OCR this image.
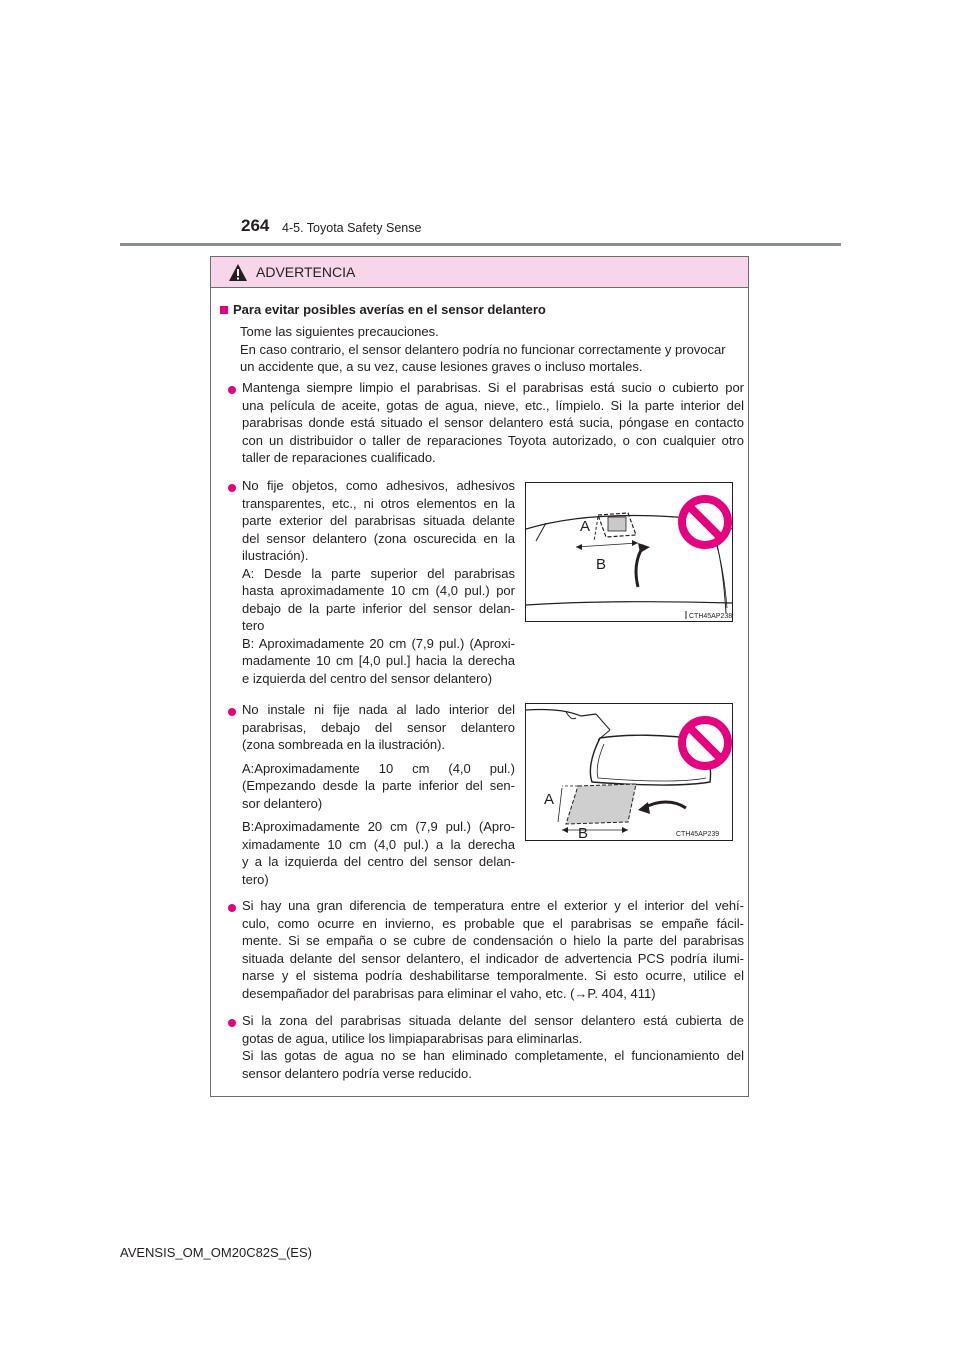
264 4-5. Toyota Safety Sense
ADVERTENCIA
Para evitar posibles averías en el sensor delantero
Tome las siguientes precauciones.
En caso contrario, el sensor delantero podría no funcionar correctamente y provocar
un accidente que, a su vez, cause lesiones graves o incluso mortales.
Mantenga siempre limpio el parabrisas. Si el parabrisas está sucio o cubierto por
una película de aceite, gotas de agua, nieve, etc., límpielo. Si la parte interior del
parabrisas donde está situado el sensor delantero está sucia, póngase en contacto
con un distribuidor o taller de reparaciones Toyota autorizado, o con cualquier otro
taller de reparaciones cualificado.
No fije objetos, como adhesivos, adhesivos
transparentes, etc., ni otros elementos en la
parte exterior del parabrisas situada delante
del sensor delantero (zona oscurecida en la
ilustración).
A: Desde la parte superior del parabrisas
hasta aproximadamente 10 cm (4,0 pul.) por
debajo de la parte inferior del sensor delan-
tero
B: Aproximadamente 20 cm (7,9 pul.) (Aproxi-
madamente 10 cm [4,0 pul.] hacia la derecha
e izquierda del centro del sensor delantero)
A
B
CTH45AP238
No instale ni fije nada al lado interior del
parabrisas, debajo del sensor delantero
(zona sombreada en la ilustración).
A:Aproximadamente 10 cm (4,0 pul.)
(Empezando desde la parte inferior del sen-
sor delantero)
B:Aproximadamente 20 cm (7,9 pul.) (Apro-
ximadamente 10 cm (4,0 pul.) a la derecha
y a la izquierda del centro del sensor delan-
tero)
A
B	CTH45AP239
Si hay una gran diferencia de temperatura entre el exterior y el interior del vehí-
culo, como ocurre en invierno, es probable que el parabrisas se empañe fácil-
mente. Si se empaña o se cubre de condensación o hielo la parte del parabrisas
situada delante del sensor delantero, el indicador de advertencia PCS podría ilumi-
narse y el sistema podría deshabilitarse temporalmente. Si esto ocurre, utilice el
desempañador del parabrisas para eliminar el vaho, etc. (→P. 404, 411)
Si la zona del parabrisas situada delante del sensor delantero está cubierta de
gotas de agua, utilice los limpiaparabrisas para eliminarlas.
Si las gotas de agua no se han eliminado completamente, el funcionamiento del
sensor delantero podría verse reducido.
AVENSIS_OM_OM20C82S_(ES)
